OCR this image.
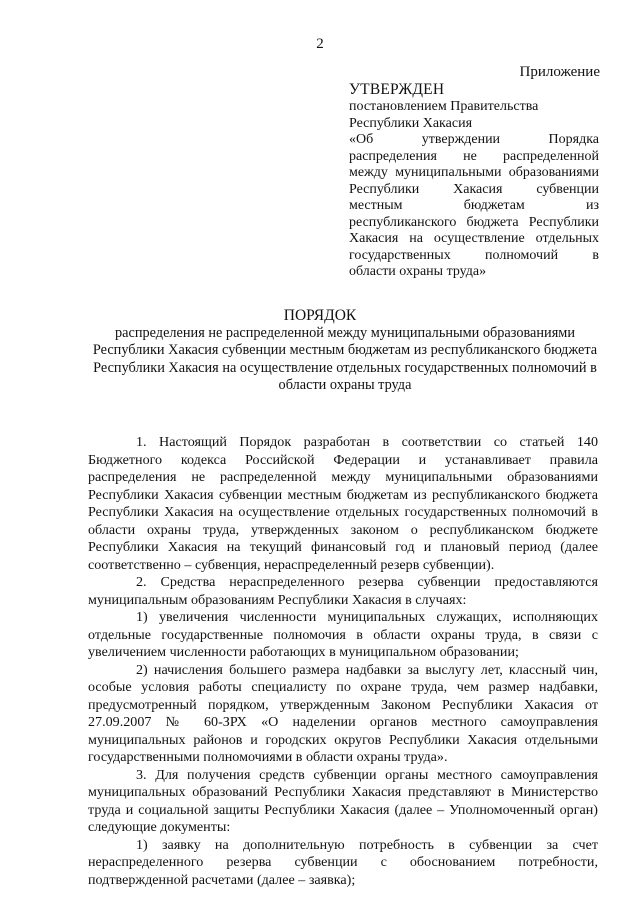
2
Приложение
УТВЕРЖДЕН
постановлением Правительства
Республики Хакасия
«Об утверждении Порядка
распределения не распределенной
между муниципальными образованиями
Республики Хакасия субвенции
местным бюджетам из
республиканского бюджета Республики
Хакасия на осуществление отдельных
государственных полномочий в
области охраны труда»
ПОРЯДОК
распределения не распределенной между муниципальными образованиями Республики Хакасия субвенции местным бюджетам из республиканского бюджета Республики Хакасия на осуществление отдельных государственных полномочий в области охраны труда

1. Настоящий Порядок разработан в соответствии со статьей 140 Бюджетного кодекса Российской Федерации и устанавливает правила распределения не распределенной между муниципальными образованиями Республики Хакасия субвенции местным бюджетам из республиканского бюджета Республики Хакасия на осуществление отдельных государственных полномочий в области охраны труда, утвержденных законом о республиканском бюджете Республики Хакасия на текущий финансовый год и плановый период (далее соответственно – субвенция, нераспределенный резерв субвенции).

2. Средства нераспределенного резерва субвенции предоставляются муниципальным образованиям Республики Хакасия в случаях:

1) увеличения численности муниципальных служащих, исполняющих отдельные государственные полномочия в области охраны труда, в связи с увеличением численности работающих в муниципальном образовании;

2) начисления большего размера надбавки за выслугу лет, классный чин, особые условия работы специалисту по охране труда, чем размер надбавки, предусмотренный порядком, утвержденным Законом Республики Хакасия от 27.09.2007 № 60-ЗРХ «О наделении органов местного самоуправления муниципальных районов и городских округов Республики Хакасия отдельными государственными полномочиями в области охраны труда».

3. Для получения средств субвенции органы местного самоуправления муниципальных образований Республики Хакасия представляют в Министерство труда и социальной защиты Республики Хакасия (далее – Уполномоченный орган) следующие документы:

1) заявку на дополнительную потребность в субвенции за счет нераспределенного резерва субвенции с обоснованием потребности, подтвержденной расчетами (далее – заявка);
